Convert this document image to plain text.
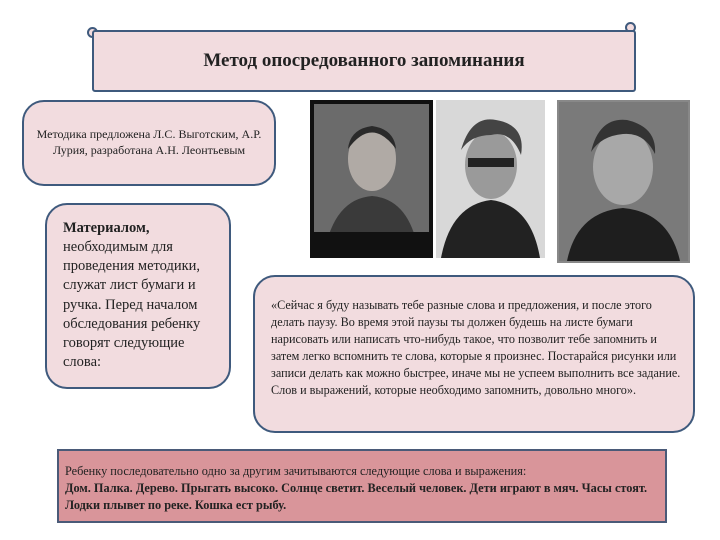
Метод опосредованного запоминания
Методика предложена Л.С. Выготским, А.Р. Лурия, разработана А.Н. Леонтьевым
Материалом, необходимым для проведения методики, служат лист бумаги и ручка. Перед началом обследования ребенку говорят следующие слова:
«Сейчас я буду называть тебе разные слова и предложения, и после этого делать паузу. Во время этой паузы ты должен будешь на листе бумаги нарисовать или написать что-нибудь такое, что позволит тебе запомнить и затем легко вспомнить те слова, которые я произнес. Постарайся рисунки или записи делать как можно быстрее, иначе мы не успеем выполнить все задание. Слов и выражений, которые необходимо запомнить, довольно много».
Ребенку последовательно одно за другим зачитываются следующие слова и выражения:
Дом. Палка. Дерево. Прыгать высоко. Солнце светит. Веселый человек. Дети играют в мяч. Часы стоят. Лодки плывет по реке. Кошка ест рыбу.
